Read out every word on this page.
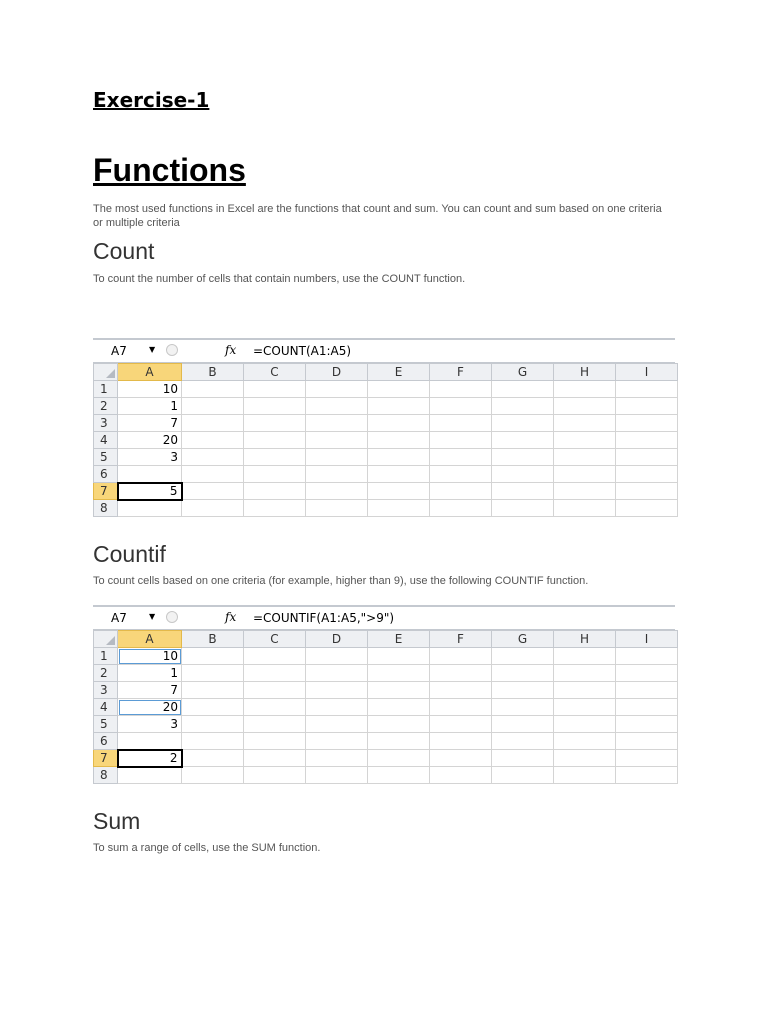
Exercise-1
Functions

The most used functions in Excel are the functions that count and sum. You can count and sum based on one criteria or multiple criteria

Count

To count the number of cells that contain numbers, use the COUNT function.

A7	▼	fx =COUNT(A1:A5)
	A	B	C	D	E	F	G	H	I
1	10								
2	1								
3	7								
4	20								
5	3								
6									
7	5								
8									
Countif

To count cells based on one criteria (for example, higher than 9), use the following COUNTIF function.

A7	▼	fx =COUNTIF(A1:A5,">9")
	A	B	C	D	E	F	G	H	I
1	10								
2	1								
3	7								
4	20								
5	3								
6									
7	2								
8									
Sum

To sum a range of cells, use the SUM function.
